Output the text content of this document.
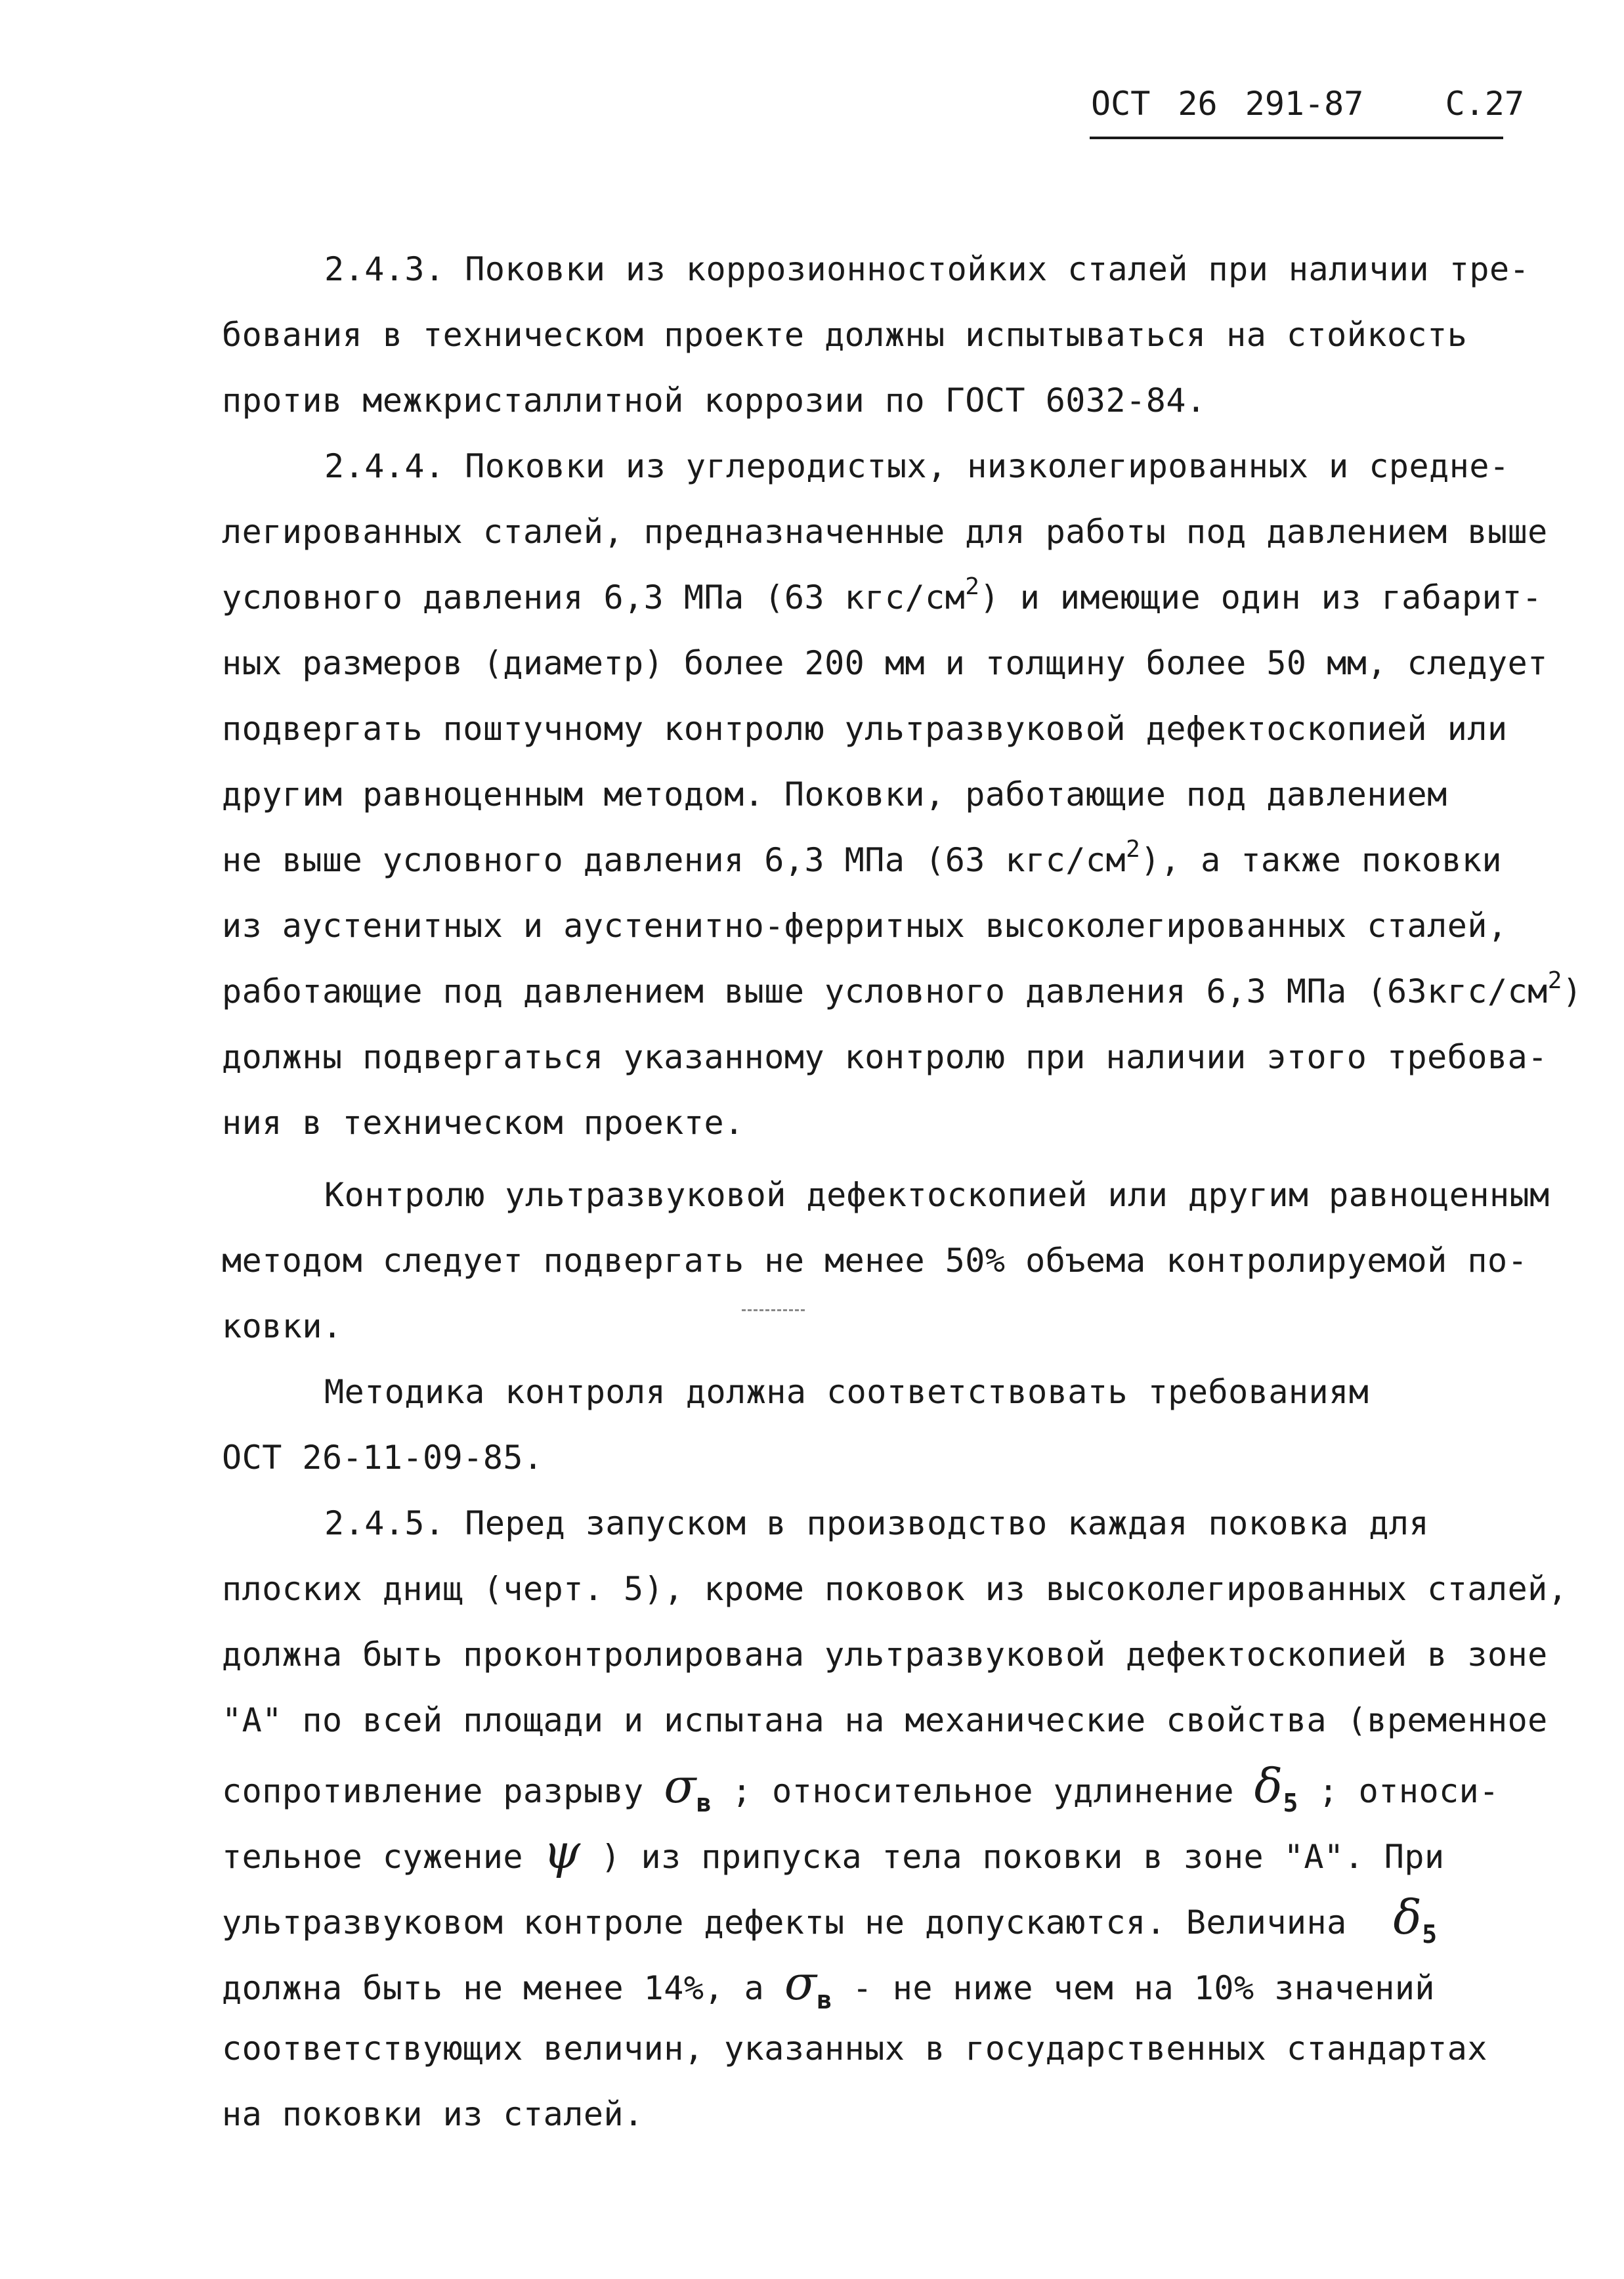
ОСТ 26 291-87 С.27
2.4.3. Поковки из коррозионностойких сталей при наличии тре-
бования в техническом проекте должны испытываться на стойкость
против межкристаллитной коррозии по ГОСТ 6032-84.
2.4.4. Поковки из углеродистых, низколегированных и средне-
легированных сталей, предназначенные для работы под давлением выше
условного давления 6,3 МПа (63 кгс/$см^2$) и имеющие один из габарит-
ных размеров (диаметр) более 200 мм и толщину более 50 мм, следует
подвергать поштучному контролю ультразвуковой дефектоскопией или
другим равноценным методом. Поковки, работающие под давлением
не выше условного давления 6,3 МПа (63 кгс/$см^2$), а также поковки
из аустенитных и аустенитно-ферритных высоколегированных сталей,
работающие под давлением выше условного давления 6,3 МПа $(63кгс/см^2)$
должны подвергаться указанному контролю при наличии этого требова-
ния в техническом проекте.
Контролю ультразвуковой дефектоскопией или другим равноценным
методом следует подвергать не менее 50% объема контролируемой по-
ковки.
Методика контроля должна соответствовать требованиям
ОСТ 26-11-09-85.
2.4.5. Перед запуском в производство каждая поковка для
плоских днищ (черт. 5), кроме поковок из высоколегированных сталей,
должна быть проконтролирована ультразвуковой дефектоскопией в зоне
"А" по всей площади и испытана на механические свойства (временное
сопротивление разрыву $\sigma_в$ ; относительное удлинение $\delta_5$ ; относи-
тельное сужение ψ ) из припуска тела поковки в зоне "А". При
ультразвуковом контроле дефекты не допускаются. Величина $\delta_5$
должна быть не менее 14%, а $\sigma_в$ - не ниже чем на 10% значений
соответствующих величин, указанных в государственных стандартах
на поковки из сталей.
